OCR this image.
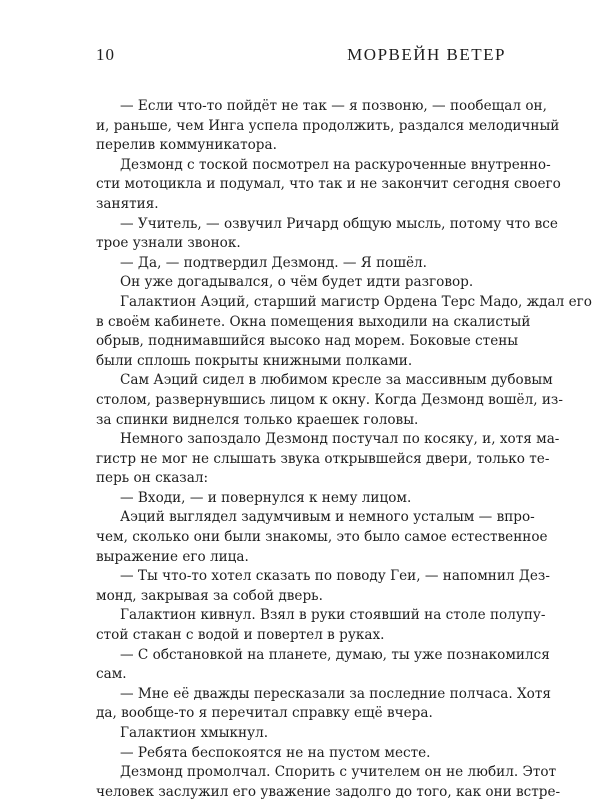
10	МОРВЕЙН ВЕТЕР
— Если что-то пойдёт не так — я позвоню, — пообещал он,
и, раньше, чем Инга успела продолжить, раздался мелодичный
перелив коммуникатора.
Дезмонд с тоской посмотрел на раскуроченные внутренно-
сти мотоцикла и подумал, что так и не закончит сегодня своего
занятия.
— Учитель, — озвучил Ричард общую мысль, потому что все
трое узнали звонок.
— Да, — подтвердил Дезмонд. — Я пошёл.
Он уже догадывался, о чём будет идти разговор.
Галактион Аэций, старший магистр Ордена Терс Мадо, ждал его
в своём кабинете. Окна помещения выходили на скалистый
обрыв, поднимавшийся высоко над морем. Боковые стены
были сплошь покрыты книжными полками.
Сам Аэций сидел в любимом кресле за массивным дубовым
столом, развернувшись лицом к окну. Когда Дезмонд вошёл, из-
за спинки виднелся только краешек головы.
Немного запоздало Дезмонд постучал по косяку, и, хотя ма-
гистр не мог не слышать звука открывшейся двери, только те-
перь он сказал:
— Входи, — и повернулся к нему лицом.
Аэций выглядел задумчивым и немного усталым — впро-
чем, сколько они были знакомы, это было самое естественное
выражение его лица.
— Ты что-то хотел сказать по поводу Геи, — напомнил Дез-
монд, закрывая за собой дверь.
Галактион кивнул. Взял в руки стоявший на столе полупу-
стой стакан с водой и повертел в руках.
— С обстановкой на планете, думаю, ты уже познакомился
сам.
— Мне её дважды пересказали за последние полчаса. Хотя
да, вообще-то я перечитал справку ещё вчера.
Галактион хмыкнул.
— Ребята беспокоятся не на пустом месте.
Дезмонд промолчал. Спорить с учителем он не любил. Этот
человек заслужил его уважение задолго до того, как они встре-
